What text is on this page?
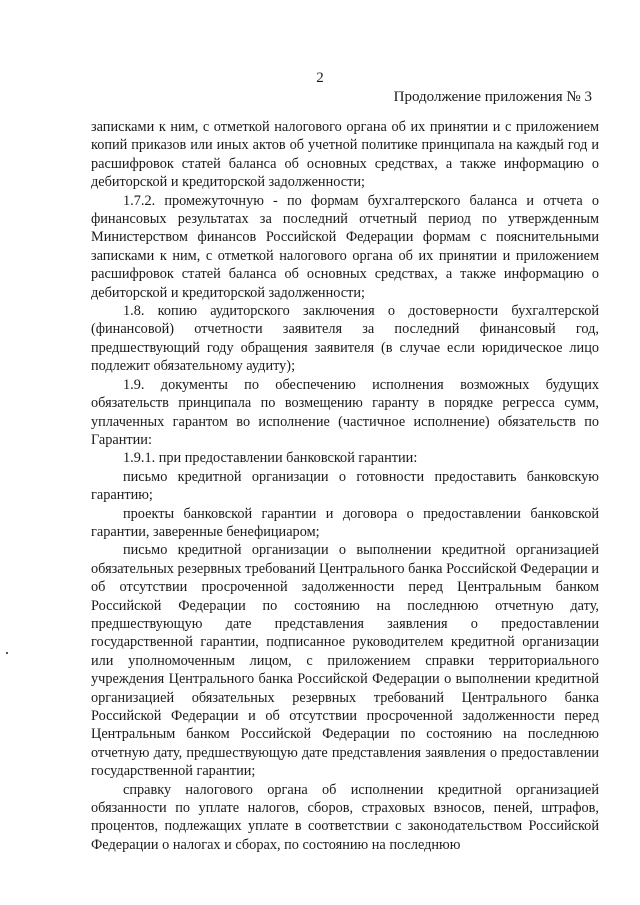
2
Продолжение приложения № 3

записками к ним, с отметкой налогового органа об их принятии и с приложением копий приказов или иных актов об учетной политике принципала на каждый год и расшифровок статей баланса об основных средствах, а также информацию о дебиторской и кредиторской задолженности;

1.7.2. промежуточную - по формам бухгалтерского баланса и отчета о финансовых результатах за последний отчетный период по утвержденным Министерством финансов Российской Федерации формам с пояснительными записками к ним, с отметкой налогового органа об их принятии и приложением расшифровок статей баланса об основных средствах, а также информацию о дебиторской и кредиторской задолженности;

1.8. копию аудиторского заключения о достоверности бухгалтерской (финансовой) отчетности заявителя за последний финансовый год, предшествующий году обращения заявителя (в случае если юридическое лицо подлежит обязательному аудиту);

1.9. документы по обеспечению исполнения возможных будущих обязательств принципала по возмещению гаранту в порядке регресса сумм, уплаченных гарантом во исполнение (частичное исполнение) обязательств по Гарантии:

1.9.1. при предоставлении банковской гарантии:

письмо кредитной организации о готовности предоставить банковскую гарантию;

проекты банковской гарантии и договора о предоставлении банковской гарантии, заверенные бенефициаром;

письмо кредитной организации о выполнении кредитной организацией обязательных резервных требований Центрального банка Российской Федерации и об отсутствии просроченной задолженности перед Центральным банком Российской Федерации по состоянию на последнюю отчетную дату, предшествующую дате представления заявления о предоставлении государственной гарантии, подписанное руководителем кредитной организации или уполномоченным лицом, с приложением справки территориального учреждения Центрального банка Российской Федерации о выполнении кредитной организацией обязательных резервных требований Центрального банка Российской Федерации и об отсутствии просроченной задолженности перед Центральным банком Российской Федерации по состоянию на последнюю отчетную дату, предшествующую дате представления заявления о предоставлении государственной гарантии;

справку налогового органа об исполнении кредитной организацией обязанности по уплате налогов, сборов, страховых взносов, пеней, штрафов, процентов, подлежащих уплате в соответствии с законодательством Российской Федерации о налогах и сборах, по состоянию на последнюю
